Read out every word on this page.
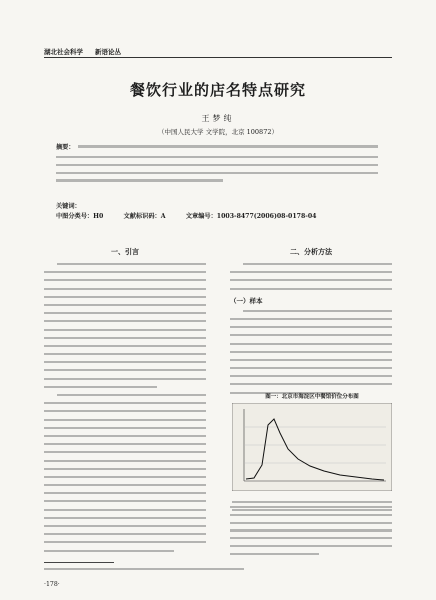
湖北社会科学 新语论丛
餐饮行业的店名特点研究
王梦纯
（中国人民大学 文学院，北京 100872）
摘要：
关键词：
中图分类号：H0	文献标识码：A	文章编号：1003-8477(2006)08-0178-04
一、引言	二、分析方法
（一）样本
图一：北京市海淀区中餐馆价位分布图
·178·
